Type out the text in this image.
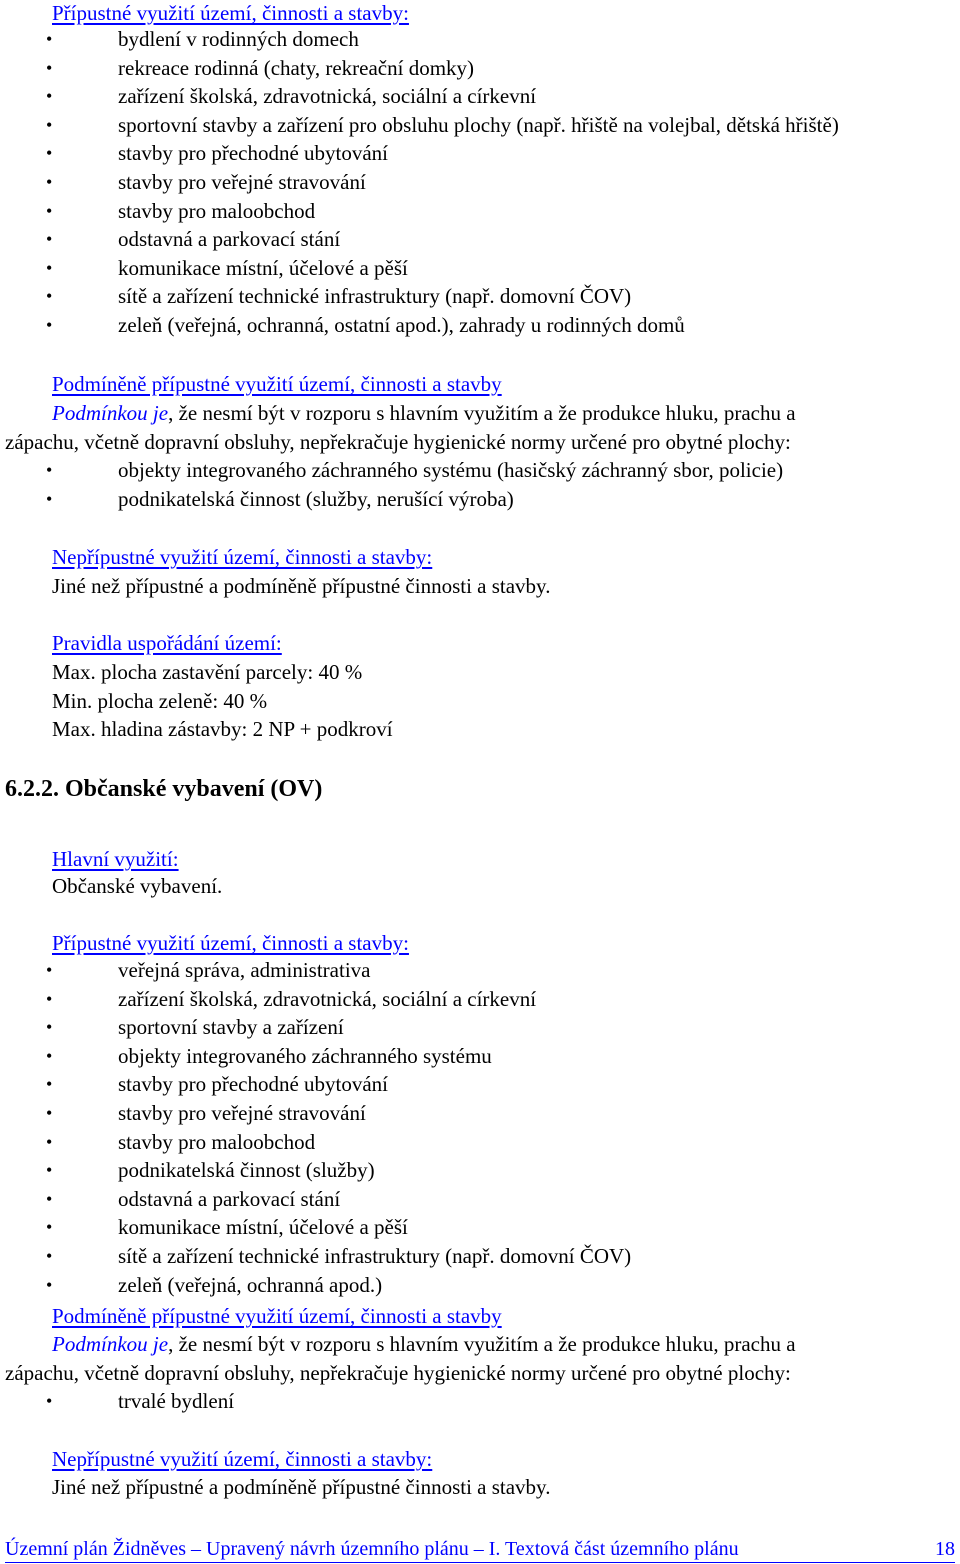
Přípustné využití území, činnosti a stavby:
•	bydlení v rodinných domech
•	rekreace rodinná (chaty, rekreační domky)
•	zařízení školská, zdravotnická, sociální a církevní
•	sportovní stavby a zařízení pro obsluhu plochy (např. hřiště na volejbal, dětská hřiště)
•	stavby pro přechodné ubytování
•	stavby pro veřejné stravování
•	stavby pro maloobchod
•	odstavná a parkovací stání
•	komunikace místní, účelové a pěší
•	sítě a zařízení technické infrastruktury (např. domovní ČOV)
•	zeleň (veřejná, ochranná, ostatní apod.), zahrady u rodinných domů
Podmíněně přípustné využití území, činnosti a stavby
Podmínkou je, že nesmí být v rozporu s hlavním využitím a že produkce hluku, prachu a
zápachu, včetně dopravní obsluhy, nepřekračuje hygienické normy určené pro obytné plochy:
•	objekty integrovaného záchranného systému (hasičský záchranný sbor, policie)
•	podnikatelská činnost (služby, nerušící výroba)
Nepřípustné využití území, činnosti a stavby:
Jiné než přípustné a podmíněně přípustné činnosti a stavby.
Pravidla uspořádání území:
Max. plocha zastavění parcely: 40 %
Min. plocha zeleně: 40 %
Max. hladina zástavby: 2 NP + podkroví
6.2.2. Občanské vybavení (OV)
Hlavní využití:
Občanské vybavení.
Přípustné využití území, činnosti a stavby:
•	veřejná správa, administrativa
•	zařízení školská, zdravotnická, sociální a církevní
•	sportovní stavby a zařízení
•	objekty integrovaného záchranného systému
•	stavby pro přechodné ubytování
•	stavby pro veřejné stravování
•	stavby pro maloobchod
•	podnikatelská činnost (služby)
•	odstavná a parkovací stání
•	komunikace místní, účelové a pěší
•	sítě a zařízení technické infrastruktury (např. domovní ČOV)
•	zeleň (veřejná, ochranná apod.)
Podmíněně přípustné využití území, činnosti a stavby
Podmínkou je, že nesmí být v rozporu s hlavním využitím a že produkce hluku, prachu a
zápachu, včetně dopravní obsluhy, nepřekračuje hygienické normy určené pro obytné plochy:
•	trvalé bydlení
Nepřípustné využití území, činnosti a stavby:
Jiné než přípustné a podmíněně přípustné činnosti a stavby.
Územní plán Židněves – Upravený návrh územního plánu – I. Textová část územního plánu	18
